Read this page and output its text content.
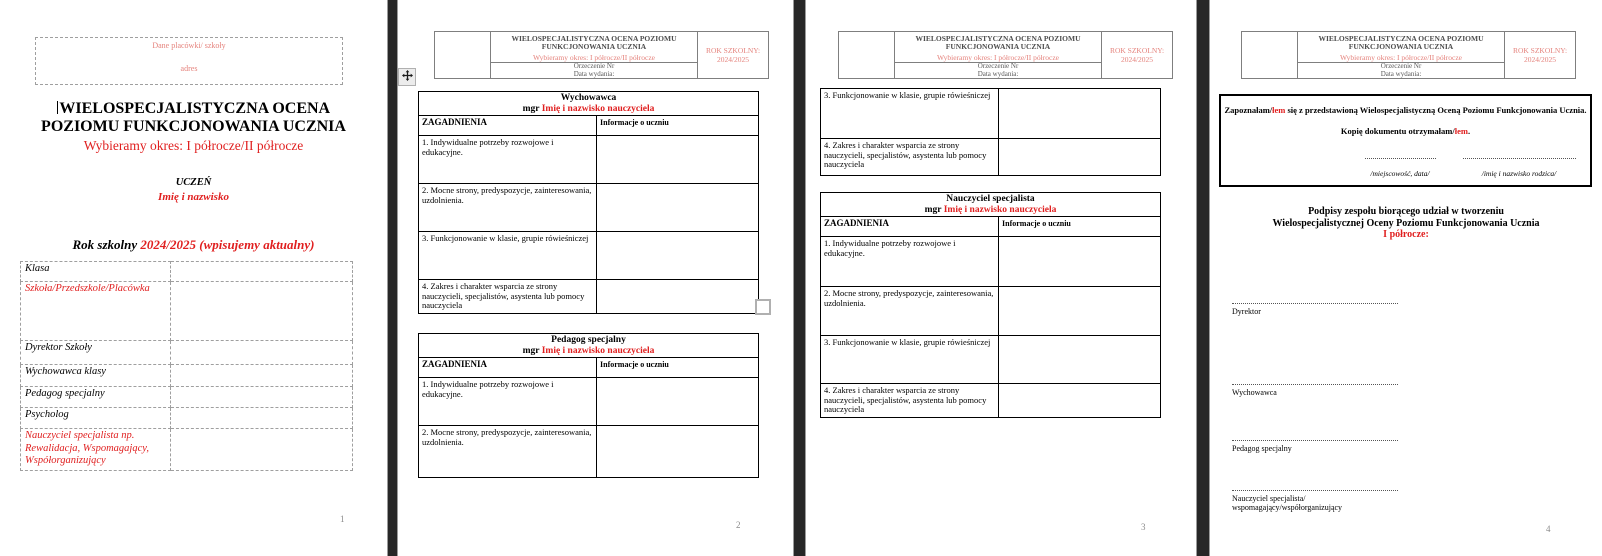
Dane placówki/ szkoły
adres
WIELOSPECJALISTYCZNA OCENA
POZIOMU FUNKCJONOWANIA UCZNIA
Wybieramy okres: I półrocze/II półrocze
UCZEŃ
Imię i nazwisko
Rok szkolny 2024/2025 (wpisujemy aktualny)
Klasa	
Szkoła/Przedszkole/Placówka	
Dyrektor Szkoły	
Wychowawca klasy	
Pedagog specjalny	
Psycholog	
Nauczyciel specjalista np. Rewalidacja, Wspomagający, Współorganizujący	
1

WIELOSPECJALISTYCZNA OCENA POZIOMU FUNKCJONOWANIA UCZNIA
Wybieramy okres: I półrocze/II półrocze

ROK SZKOLNY:
2024/2025

Orzeczenie Nr
Data wydania:
Wychowawca
mgr Imię i nazwisko nauczyciela	
ZAGADNIENIA	Informacje o uczniu
1. Indywidualne potrzeby rozwojowe i edukacyjne.	
2. Mocne strony, predyspozycje, zainteresowania, uzdolnienia.	
3. Funkcjonowanie w klasie, grupie rówieśniczej	
4. Zakres i charakter wsparcia ze strony nauczycieli, specjalistów, asystenta lub pomocy nauczyciela	
Pedagog specjalny
mgr Imię i nazwisko nauczyciela	
ZAGADNIENIA	Informacje o uczniu
1. Indywidualne potrzeby rozwojowe i edukacyjne.	
2. Mocne strony, predyspozycje, zainteresowania, uzdolnienia.	
2

WIELOSPECJALISTYCZNA OCENA POZIOMU FUNKCJONOWANIA UCZNIA
Wybieramy okres: I półrocze/II półrocze

ROK SZKOLNY:
2024/2025

Orzeczenie Nr
Data wydania:
3. Funkcjonowanie w klasie, grupie rówieśniczej	
4. Zakres i charakter wsparcia ze strony nauczycieli, specjalistów, asystenta lub pomocy nauczyciela	
Nauczyciel specjalista
mgr Imię i nazwisko nauczyciela	
ZAGADNIENIA	Informacje o uczniu
1. Indywidualne potrzeby rozwojowe i edukacyjne.	
2. Mocne strony, predyspozycje, zainteresowania, uzdolnienia.	
3. Funkcjonowanie w klasie, grupie rówieśniczej	
4. Zakres i charakter wsparcia ze strony nauczycieli, specjalistów, asystenta lub pomocy nauczyciela	
3

WIELOSPECJALISTYCZNA OCENA POZIOMU FUNKCJONOWANIA UCZNIA
Wybieramy okres: I półrocze/II półrocze

ROK SZKOLNY:
2024/2025

Orzeczenie Nr
Data wydania:
Zapoznałam/łem się z przedstawioną Wielospecjalistyczną Oceną Poziomu Funkcjonowania Ucznia.
Kopię dokumentu otrzymałam/łem.
/miejscowość, data/	/imię i nazwisko rodzica/
Podpisy zespołu biorącego udział w tworzeniu
Wielospecjalistycznej Oceny Poziomu Funkcjonowania Ucznia
I półrocze:
Dyrektor
Wychowawca
Pedagog specjalny
Nauczyciel specjalista/
wspomagający/współorganizujący
4
